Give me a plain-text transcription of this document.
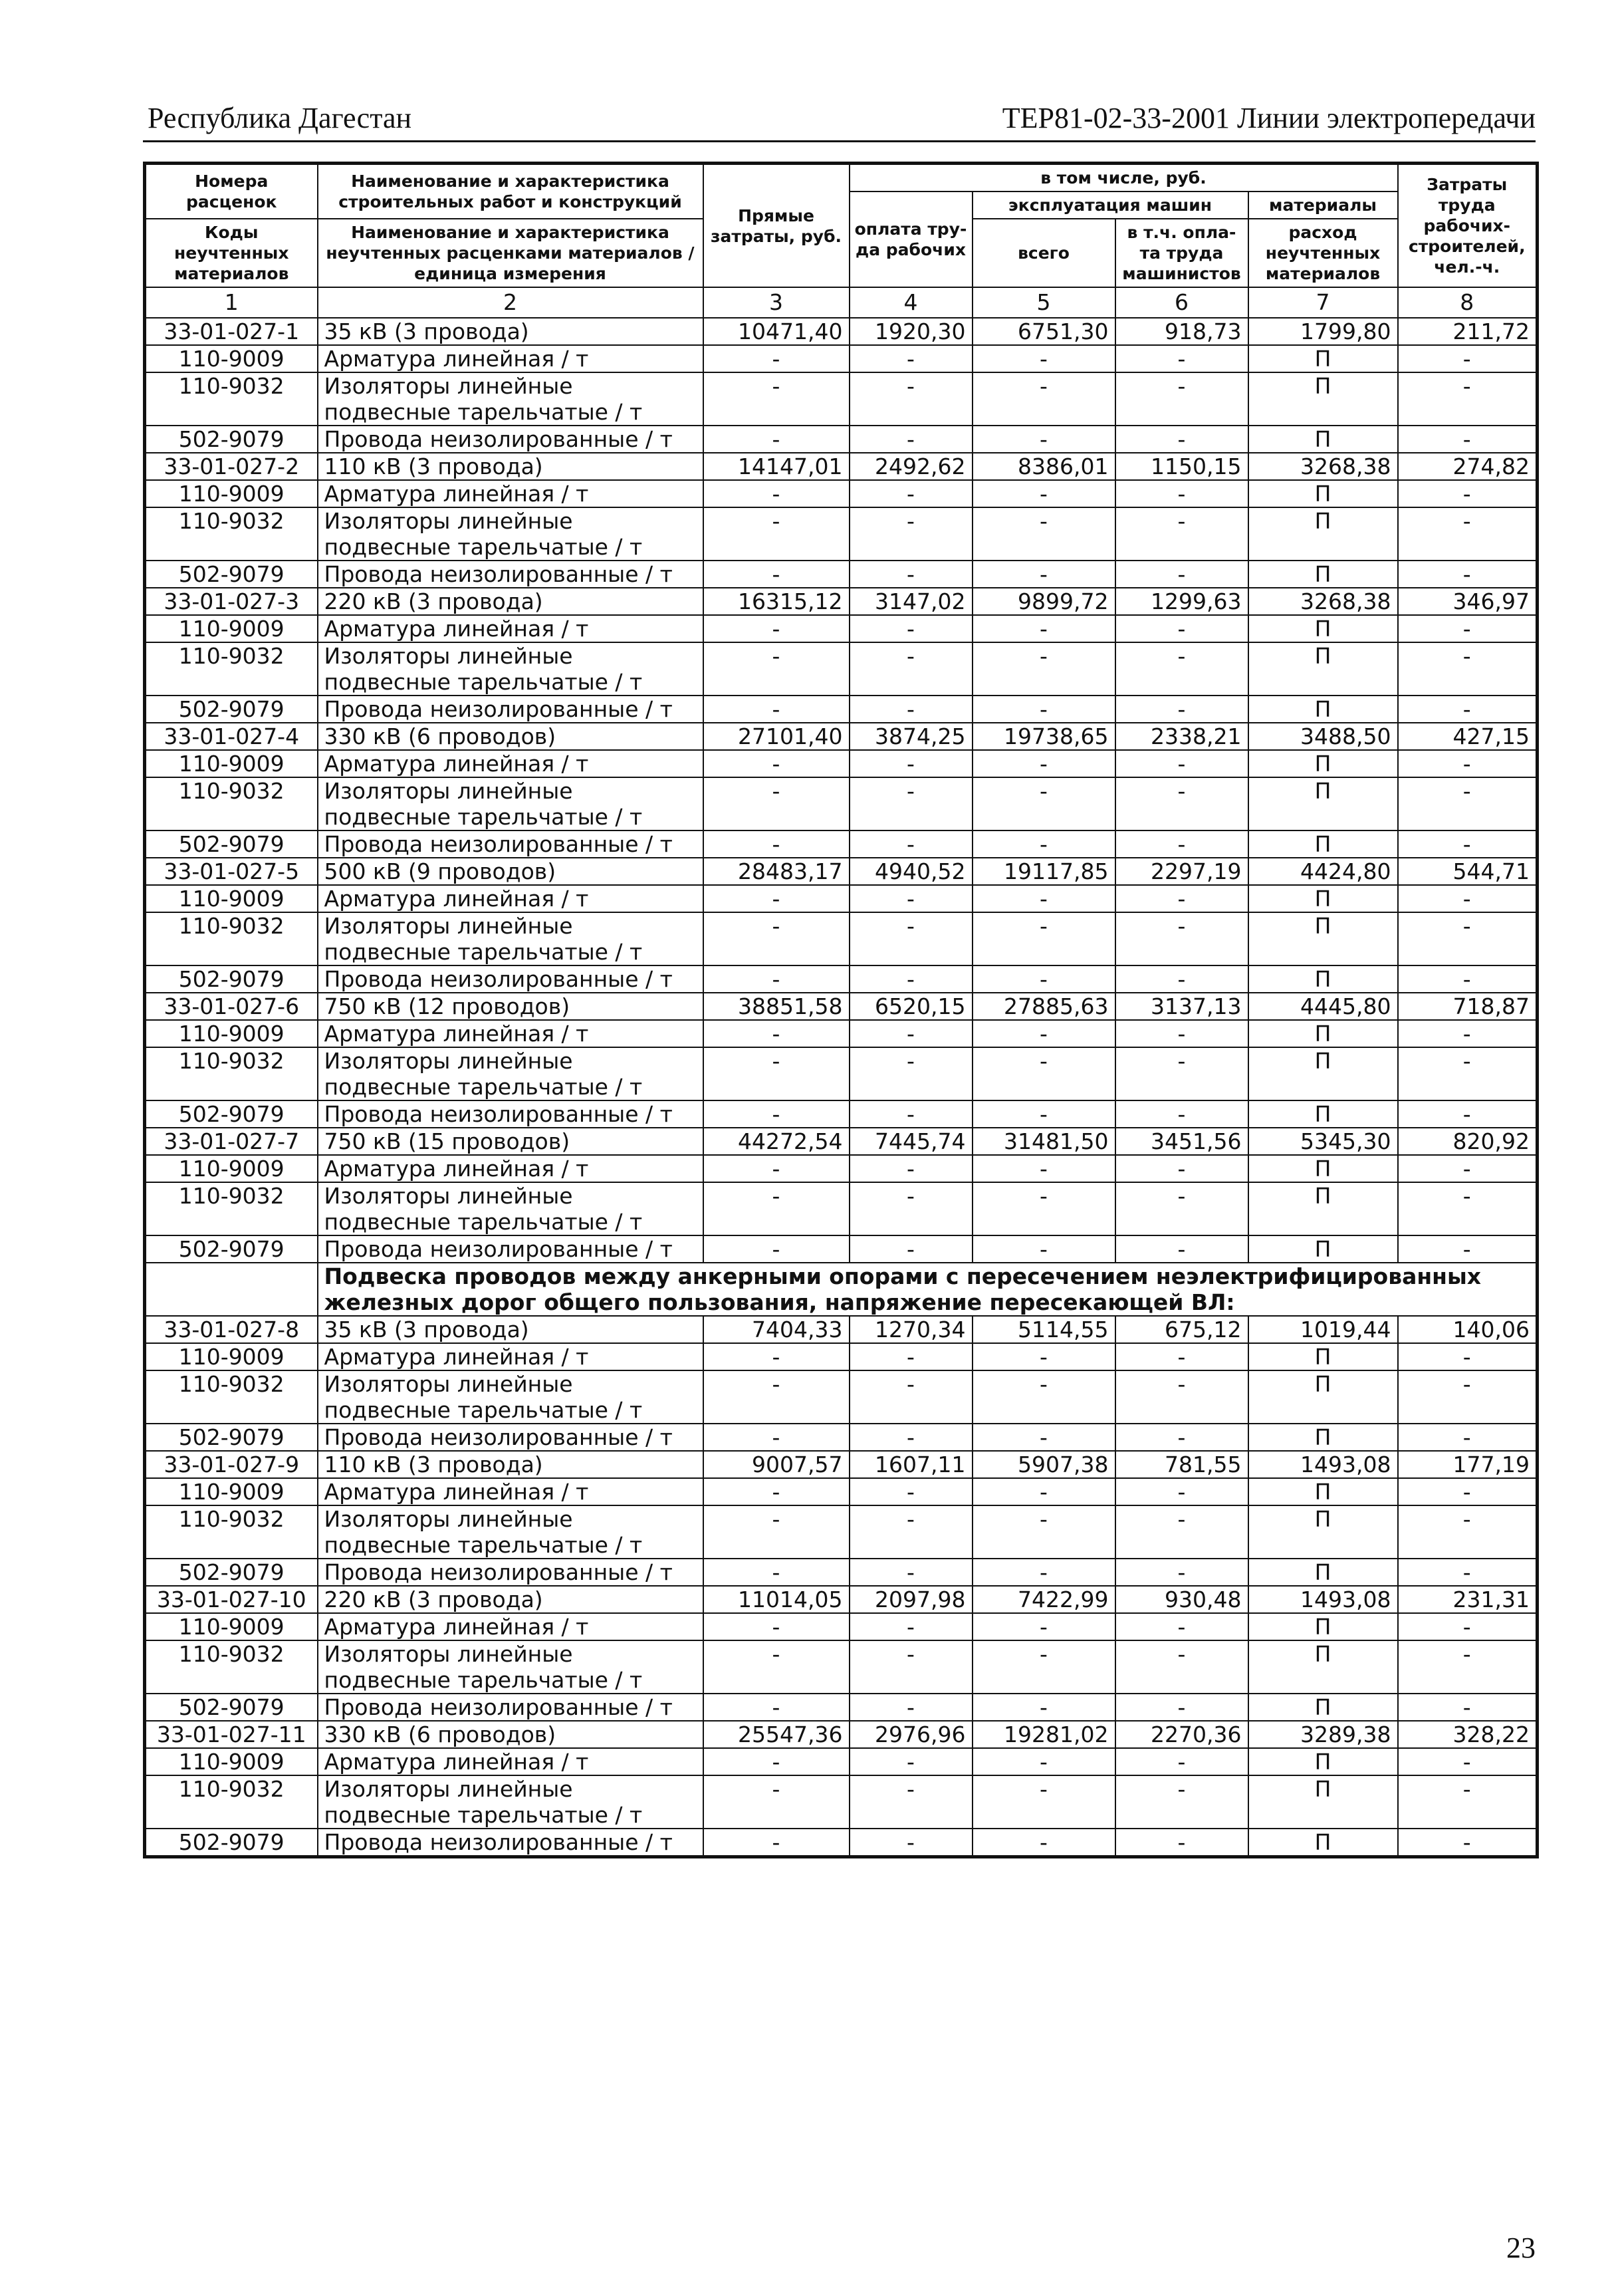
Республика Дагестан	ТЕР81-02-33-2001 Линии электропередачи
Номера расценок	Наименование и характеристика строительных работ и конструкций	Прямые затраты, руб.	в том числе, руб.				Затраты труда рабочих-строителей, чел.-ч.
			оплата тру-да рабочих	эксплуатация машин		материалы	
Коды неучтенных материалов	Наименование и характеристика неучтенных расценками материалов / единица измерения			всего	в т.ч. опла-та труда машинистов	расход неучтенных материалов	

1	2	3	4	5	6	7	8
33-01-027-1	35 кВ (3 провода)	10471,40	1920,30	6751,30	918,73	1799,80	211,72
110-9009	Арматура линейная / т	-	-	-	-	П	-
110-9032	Изоляторы линейные подвесные тарельчатые / т	-	-	-	-	П	-
502-9079	Провода неизолированные / т	-	-	-	-	П	-
33-01-027-2	110 кВ (3 провода)	14147,01	2492,62	8386,01	1150,15	3268,38	274,82
110-9009	Арматура линейная / т	-	-	-	-	П	-
110-9032	Изоляторы линейные подвесные тарельчатые / т	-	-	-	-	П	-
502-9079	Провода неизолированные / т	-	-	-	-	П	-
33-01-027-3	220 кВ (3 провода)	16315,12	3147,02	9899,72	1299,63	3268,38	346,97
110-9009	Арматура линейная / т	-	-	-	-	П	-
110-9032	Изоляторы линейные подвесные тарельчатые / т	-	-	-	-	П	-
502-9079	Провода неизолированные / т	-	-	-	-	П	-
33-01-027-4	330 кВ (6 проводов)	27101,40	3874,25	19738,65	2338,21	3488,50	427,15
110-9009	Арматура линейная / т	-	-	-	-	П	-
110-9032	Изоляторы линейные подвесные тарельчатые / т	-	-	-	-	П	-
502-9079	Провода неизолированные / т	-	-	-	-	П	-
33-01-027-5	500 кВ (9 проводов)	28483,17	4940,52	19117,85	2297,19	4424,80	544,71
110-9009	Арматура линейная / т	-	-	-	-	П	-
110-9032	Изоляторы линейные подвесные тарельчатые / т	-	-	-	-	П	-
502-9079	Провода неизолированные / т	-	-	-	-	П	-
33-01-027-6	750 кВ (12 проводов)	38851,58	6520,15	27885,63	3137,13	4445,80	718,87
110-9009	Арматура линейная / т	-	-	-	-	П	-
110-9032	Изоляторы линейные подвесные тарельчатые / т	-	-	-	-	П	-
502-9079	Провода неизолированные / т	-	-	-	-	П	-
33-01-027-7	750 кВ (15 проводов)	44272,54	7445,74	31481,50	3451,56	5345,30	820,92
110-9009	Арматура линейная / т	-	-	-	-	П	-
110-9032	Изоляторы линейные подвесные тарельчатые / т	-	-	-	-	П	-
502-9079	Провода неизолированные / т	-	-	-	-	П	-
	Подвеска проводов между анкерными опорами с пересечением неэлектрифицированных железных дорог общего пользования, напряжение пересекающей ВЛ:						
33-01-027-8	35 кВ (3 провода)	7404,33	1270,34	5114,55	675,12	1019,44	140,06
110-9009	Арматура линейная / т	-	-	-	-	П	-
110-9032	Изоляторы линейные подвесные тарельчатые / т	-	-	-	-	П	-
502-9079	Провода неизолированные / т	-	-	-	-	П	-
33-01-027-9	110 кВ (3 провода)	9007,57	1607,11	5907,38	781,55	1493,08	177,19
110-9009	Арматура линейная / т	-	-	-	-	П	-
110-9032	Изоляторы линейные подвесные тарельчатые / т	-	-	-	-	П	-
502-9079	Провода неизолированные / т	-	-	-	-	П	-
33-01-027-10	220 кВ (3 провода)	11014,05	2097,98	7422,99	930,48	1493,08	231,31
110-9009	Арматура линейная / т	-	-	-	-	П	-
110-9032	Изоляторы линейные подвесные тарельчатые / т	-	-	-	-	П	-
502-9079	Провода неизолированные / т	-	-	-	-	П	-
33-01-027-11	330 кВ (6 проводов)	25547,36	2976,96	19281,02	2270,36	3289,38	328,22
110-9009	Арматура линейная / т	-	-	-	-	П	-
110-9032	Изоляторы линейные подвесные тарельчатые / т	-	-	-	-	П	-
502-9079	Провода неизолированные / т	-	-	-	-	П	-
23
